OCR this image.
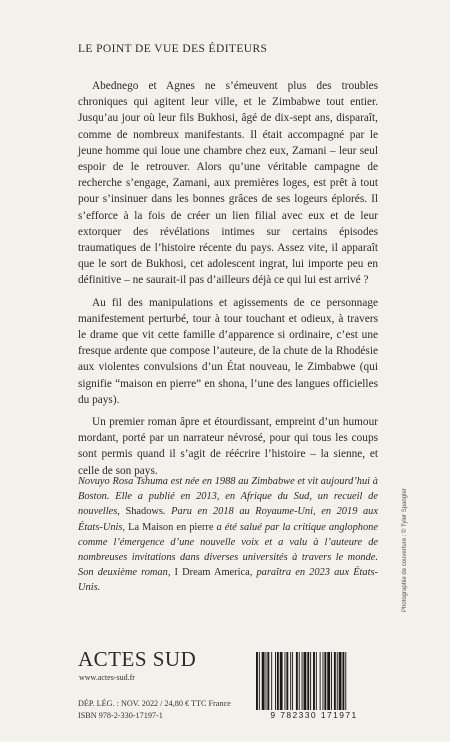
LE POINT DE VUE DES ÉDITEURS

Abednego et Agnes ne s’émeuvent plus des troubles chroniques qui agitent leur ville, et le Zimbabwe tout entier. Jusqu’au jour où leur fils Bukhosi, âgé de dix-sept ans, disparaît, comme de nombreux manifestants. Il était accompagné par le jeune homme qui loue une chambre chez eux, Zamani – leur seul espoir de le retrouver. Alors qu’une véritable campagne de recherche s’engage, Zamani, aux premières loges, est prêt à tout pour s’insinuer dans les bonnes grâces de ses logeurs éplorés. Il s’efforce à la fois de créer un lien filial avec eux et de leur extorquer des révélations intimes sur certains épisodes traumatiques de l’histoire récente du pays. Assez vite, il apparaît que le sort de Bukhosi, cet adolescent ingrat, lui importe peu en définitive – ne saurait-il pas d’ailleurs déjà ce qui lui est arrivé ?

Au fil des manipulations et agissements de ce personnage manifestement perturbé, tour à tour touchant et odieux, à travers le drame que vit cette famille d’apparence si ordinaire, c’est une fresque ardente que compose l’auteure, de la chute de la Rhodésie aux violentes convulsions d’un État nouveau, le Zimbabwe (qui signifie “maison en pierre” en shona, l’une des langues officielles du pays).

Un premier roman âpre et étourdissant, empreint d’un humour mordant, porté par un narrateur névrosé, pour qui tous les coups sont permis quand il s’agit de réécrire l’histoire – la sienne, et celle de son pays.

Novuyo Rosa Tshuma est née en 1988 au Zimbabwe et vit aujourd’hui à Boston. Elle a publié en 2013, en Afrique du Sud, un recueil de nouvelles, Shadows. Paru en 2018 au Royaume-Uni, en 2019 aux États-Unis, La Maison en pierre a été salué par la critique anglophone comme l’émergence d’une nouvelle voix et a valu à l’auteure de nombreuses invitations dans diverses universités à travers le monde. Son deuxième roman, I Dream America, paraîtra en 2023 aux États-Unis.	Photographie de couverture : © Tyler Spangler
ACTES SUD
www.actes-sud.fr
DÉP. LÉG. : NOV. 2022 / 24,80 € TTC France
ISBN 978-2-330-17197-1	9 782330 171971
